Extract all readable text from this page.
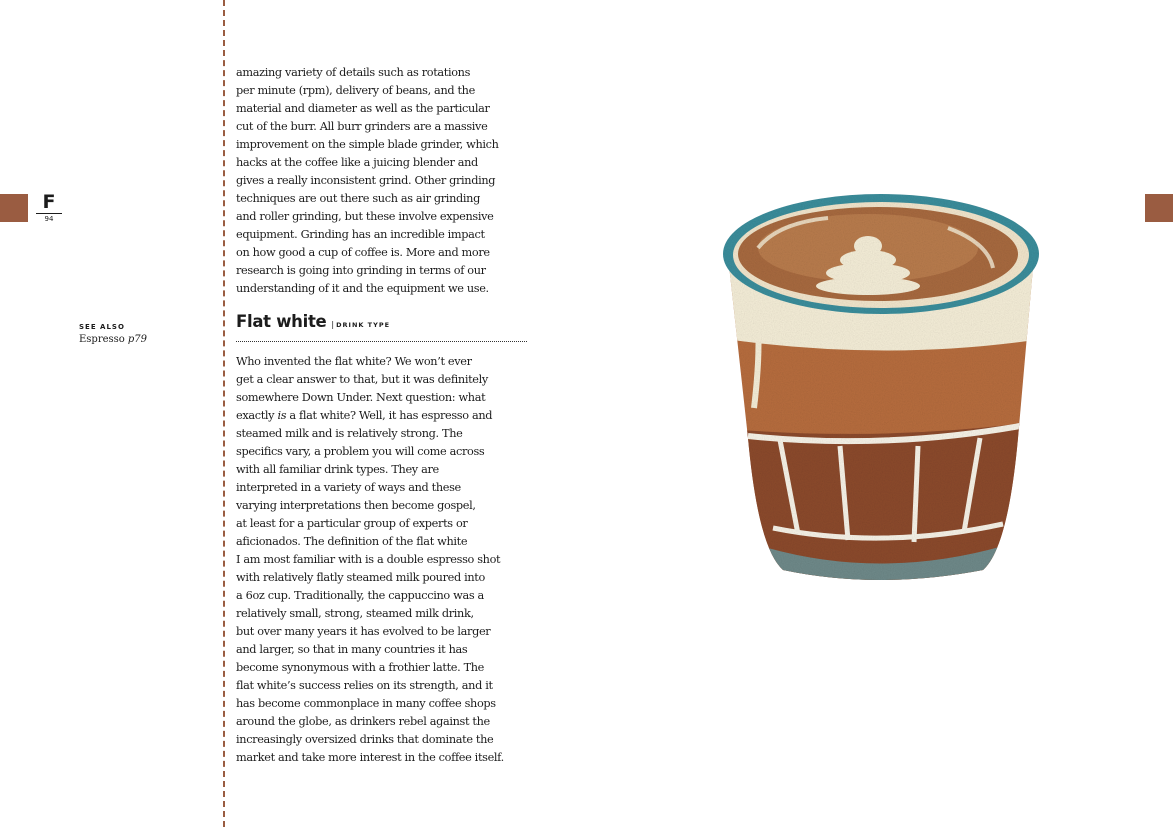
F
94
SEE ALSO
Espresso p79
amazing variety of details such as rotations
per minute (rpm), delivery of beans, and the
material and diameter as well as the particular
cut of the burr. All burr grinders are a massive
improvement on the simple blade grinder, which
hacks at the coffee like a juicing blender and
gives a really inconsistent grind. Other grinding
techniques are out there such as air grinding
and roller grinding, but these involve expensive
equipment. Grinding has an incredible impact
on how good a cup of coffee is. More and more
research is going into grinding in terms of our
understanding of it and the equipment we use.
Flat white | DRINK TYPE
Who invented the flat white? We won’t ever
get a clear answer to that, but it was definitely
somewhere Down Under. Next question: what
exactly is a flat white? Well, it has espresso and
steamed milk and is relatively strong. The
specifics vary, a problem you will come across
with all familiar drink types. They are
interpreted in a variety of ways and these
varying interpretations then become gospel,
at least for a particular group of experts or
aficionados. The definition of the flat white
I am most familiar with is a double espresso shot
with relatively flatly steamed milk poured into
a 6oz cup. Traditionally, the cappuccino was a
relatively small, strong, steamed milk drink,
but over many years it has evolved to be larger
and larger, so that in many countries it has
become synonymous with a frothier latte. The
flat white’s success relies on its strength, and it
has become commonplace in many coffee shops
around the globe, as drinkers rebel against the
increasingly oversized drinks that dominate the
market and take more interest in the coffee itself.
